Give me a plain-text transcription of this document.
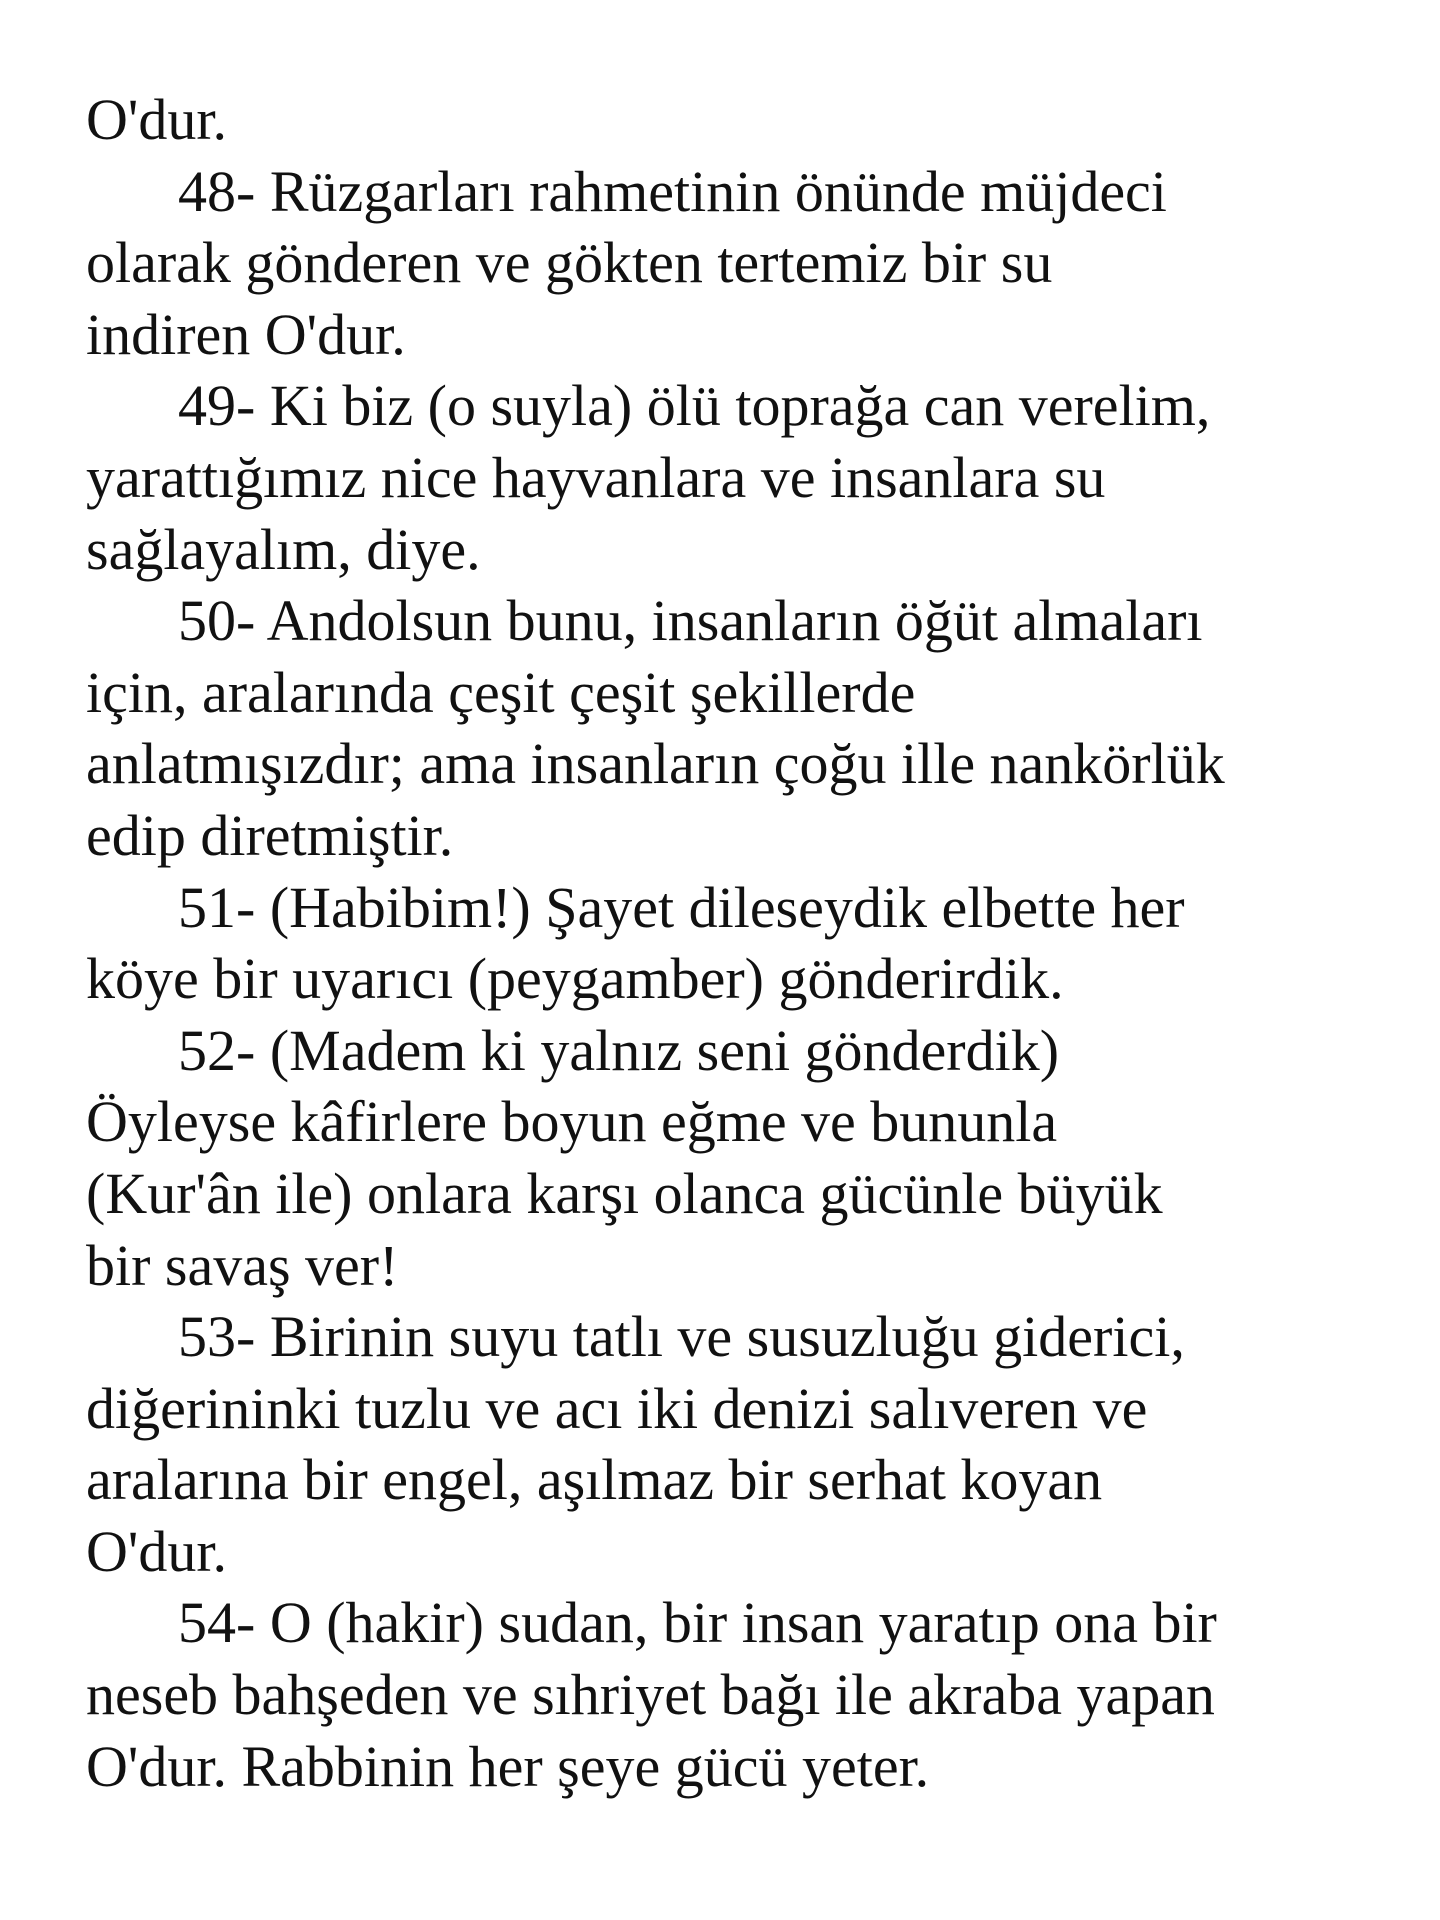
O'dur.
48- Rüzgarları rahmetinin önünde müjdeci
olarak gönderen ve gökten tertemiz bir su
indiren O'dur.
49- Ki biz (o suyla) ölü toprağa can verelim,
yarattığımız nice hayvanlara ve insanlara su
sağlayalım, diye.
50- Andolsun bunu, insanların öğüt almaları
için, aralarında çeşit çeşit şekillerde
anlatmışızdır; ama insanların çoğu ille nankörlük
edip diretmiştir.
51- (Habibim!) Şayet dileseydik elbette her
köye bir uyarıcı (peygamber) gönderirdik.
52- (Madem ki yalnız seni gönderdik)
Öyleyse kâfirlere boyun eğme ve bununla
(Kur'ân ile) onlara karşı olanca gücünle büyük
bir savaş ver!
53- Birinin suyu tatlı ve susuzluğu giderici,
diğerininki tuzlu ve acı iki denizi salıveren ve
aralarına bir engel, aşılmaz bir serhat koyan
O'dur.
54- O (hakir) sudan, bir insan yaratıp ona bir
neseb bahşeden ve sıhriyet bağı ile akraba yapan
O'dur. Rabbinin her şeye gücü yeter.
